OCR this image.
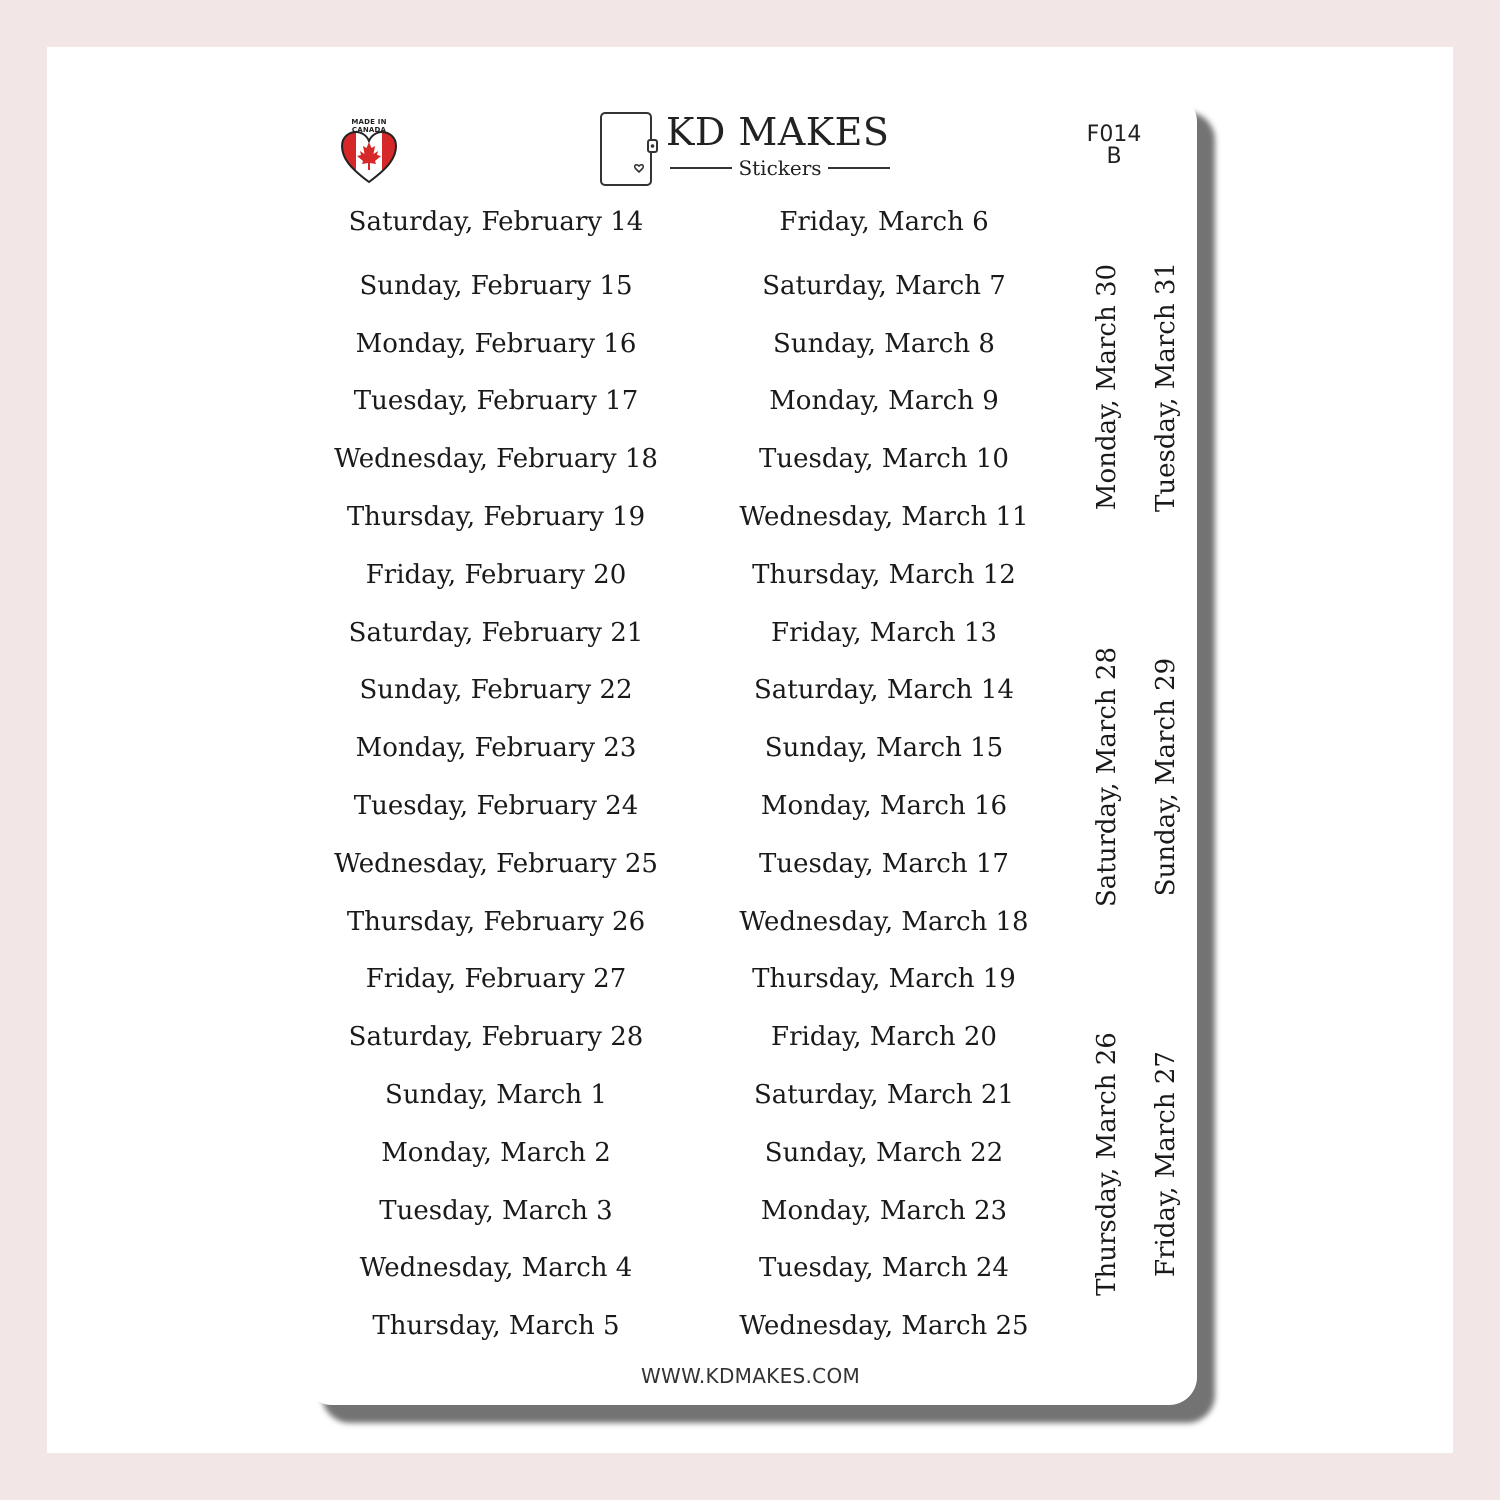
MADE IN CANADA	KD MAKES
Stickers
F014
B
Saturday, February 14
Sunday, February 15
Monday, February 16
Tuesday, February 17
Wednesday, February 18
Thursday, February 19
Friday, February 20
Saturday, February 21
Sunday, February 22
Monday, February 23
Tuesday, February 24
Wednesday, February 25
Thursday, February 26
Friday, February 27
Saturday, February 28
Sunday, March 1
Monday, March 2
Tuesday, March 3
Wednesday, March 4
Thursday, March 5
Friday, March 6
Saturday, March 7
Sunday, March 8
Monday, March 9
Tuesday, March 10
Wednesday, March 11
Thursday, March 12
Friday, March 13
Saturday, March 14
Sunday, March 15
Monday, March 16
Tuesday, March 17
Wednesday, March 18
Thursday, March 19
Friday, March 20
Saturday, March 21
Sunday, March 22
Monday, March 23
Tuesday, March 24
Wednesday, March 25
Monday, March 30 Tuesday, March 31
Saturday, March 28 Sunday, March 29
Thursday, March 26 Friday, March 27
WWW.KDMAKES.COM
